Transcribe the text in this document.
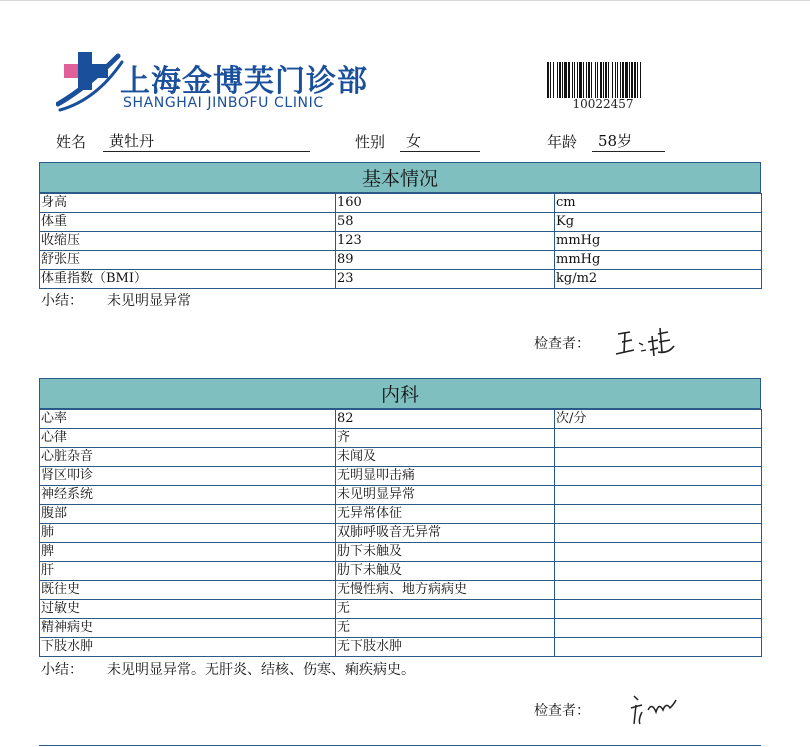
上海金博芙门诊部
SHANGHAI JINBOFU CLINIC	10022457
姓名	黄牡丹	性别	女	年龄	58岁
基本情况
身高	160	cm
体重	58	Kg
收缩压	123	mmHg
舒张压	89	mmHg
体重指数（BMI）	23	kg/m2
小结： 未见明显异常
检查者：
内科
心率	82	次/分
心律	齐	
心脏杂音	未闻及	
肾区叩诊	无明显叩击痛	
神经系统	未见明显异常	
腹部	无异常体征	
肺	双肺呼吸音无异常	
脾	肋下未触及	
肝	肋下未触及	
既往史	无慢性病、地方病病史	
过敏史	无	
精神病史	无	
下肢水肿	无下肢水肿	
小结： 未见明显异常。无肝炎、结核、伤寒、痢疾病史。
检查者：
